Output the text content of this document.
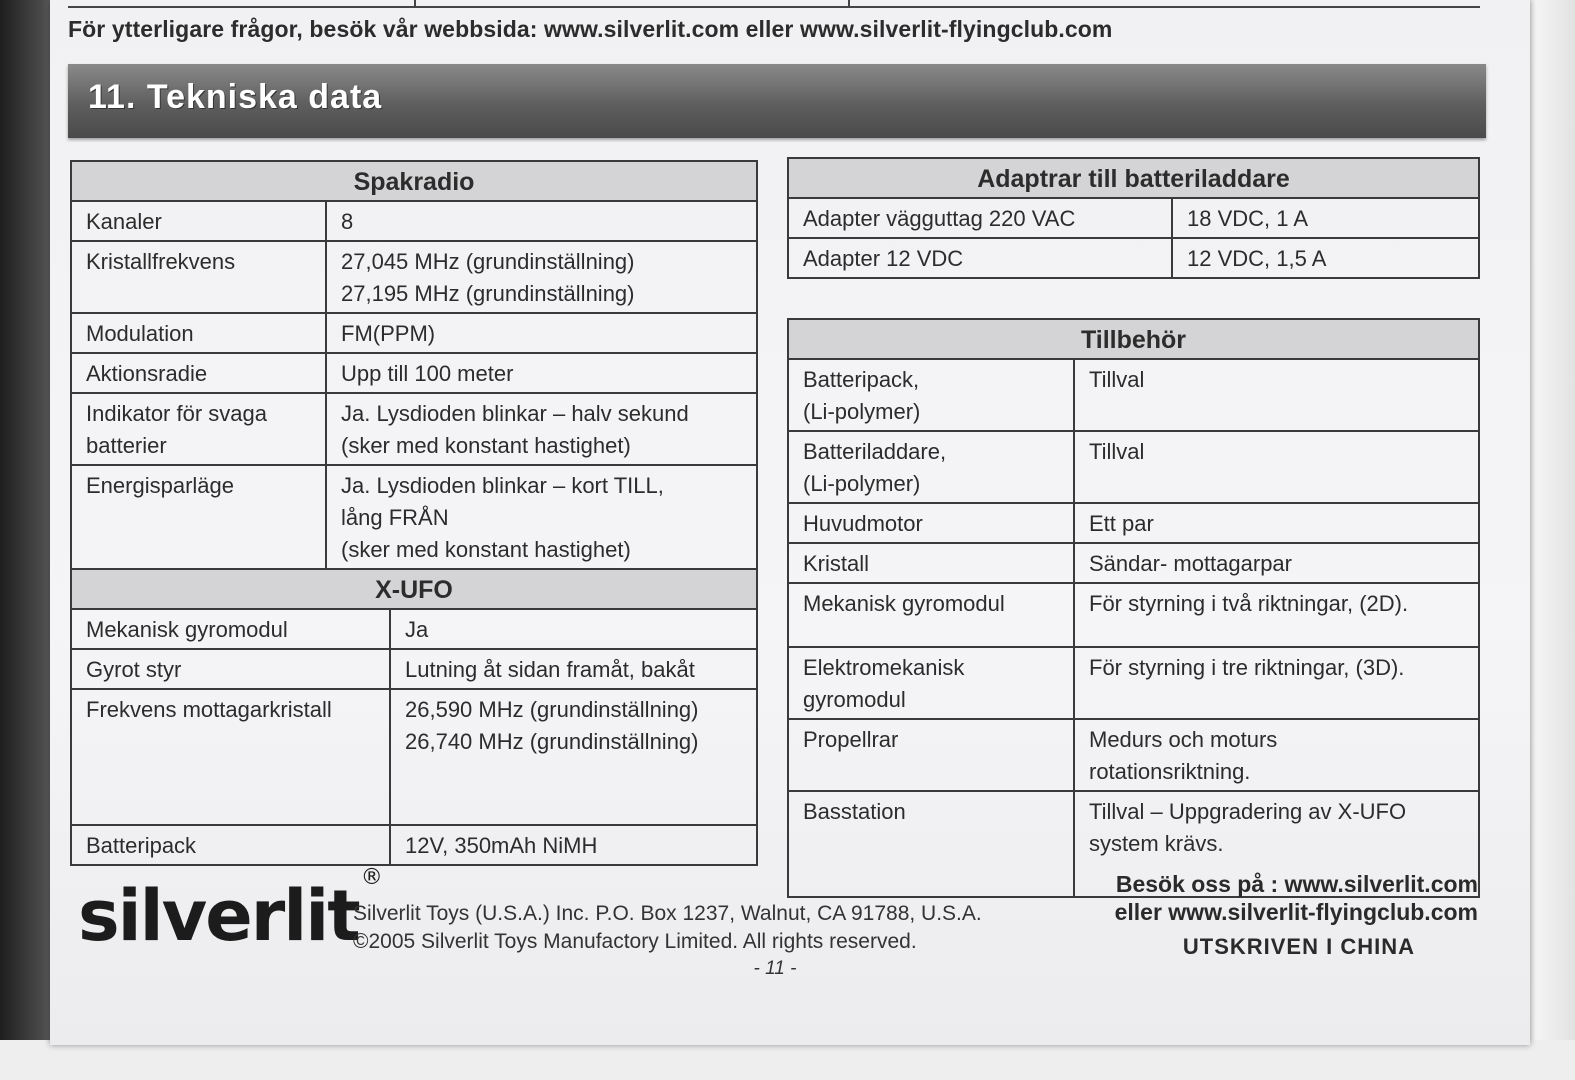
För ytterligare frågor, besök vår webbsida: www.silverlit.com eller www.silverlit-flyingclub.com
11. Tekniska data
Spakradio	
Kanaler	8
Kristallfrekvens	27,045 MHz (grundinställning)
27,195 MHz (grundinställning)

Modulation	FM(PPM)
Aktionsradie	Upp till 100 meter

Indikator för svaga
batterier	Ja. Lysdioden blinkar – halv sekund
(sker med konstant hastighet)

Energisparläge	Ja. Lysdioden blinkar – kort TILL,
lång FRÅN
(sker med konstant hastighet)
Adaptrar till batteriladdare	
Adapter vägguttag 220 VAC	18 VDC, 1 A
Adapter 12 VDC	12 VDC, 1,5 A
X-UFO	
Mekanisk gyromodul	Ja
Gyrot styr	Lutning åt sidan framåt, bakåt
Frekvens mottagarkristall	26,590 MHz (grundinställning)
26,740 MHz (grundinställning)

Batteripack	12V, 350mAh NiMH
Tillbehör	

Batteripack,
(Li-polymer)	Tillval

Batteriladdare,
(Li-polymer)	Tillval
Huvudmotor	Ett par
Kristall	Sändar- mottagarpar
Mekanisk gyromodul	För styrning i två riktningar, (2D).

Elektromekanisk
gyromodul	För styrning i tre riktningar, (3D).
Propellrar	Medurs och moturs
rotationsriktning.

Basstation	Tillval – Uppgradering av X-UFO
system krävs.
silverlit®
Silverlit Toys (U.S.A.) Inc. P.O. Box 1237, Walnut, CA 91788, U.S.A.
©2005 Silverlit Toys Manufactory Limited. All rights reserved.
Besök oss på : www.silverlit.com
eller www.silverlit-flyingclub.com
UTSKRIVEN I CHINA
- 11 -
